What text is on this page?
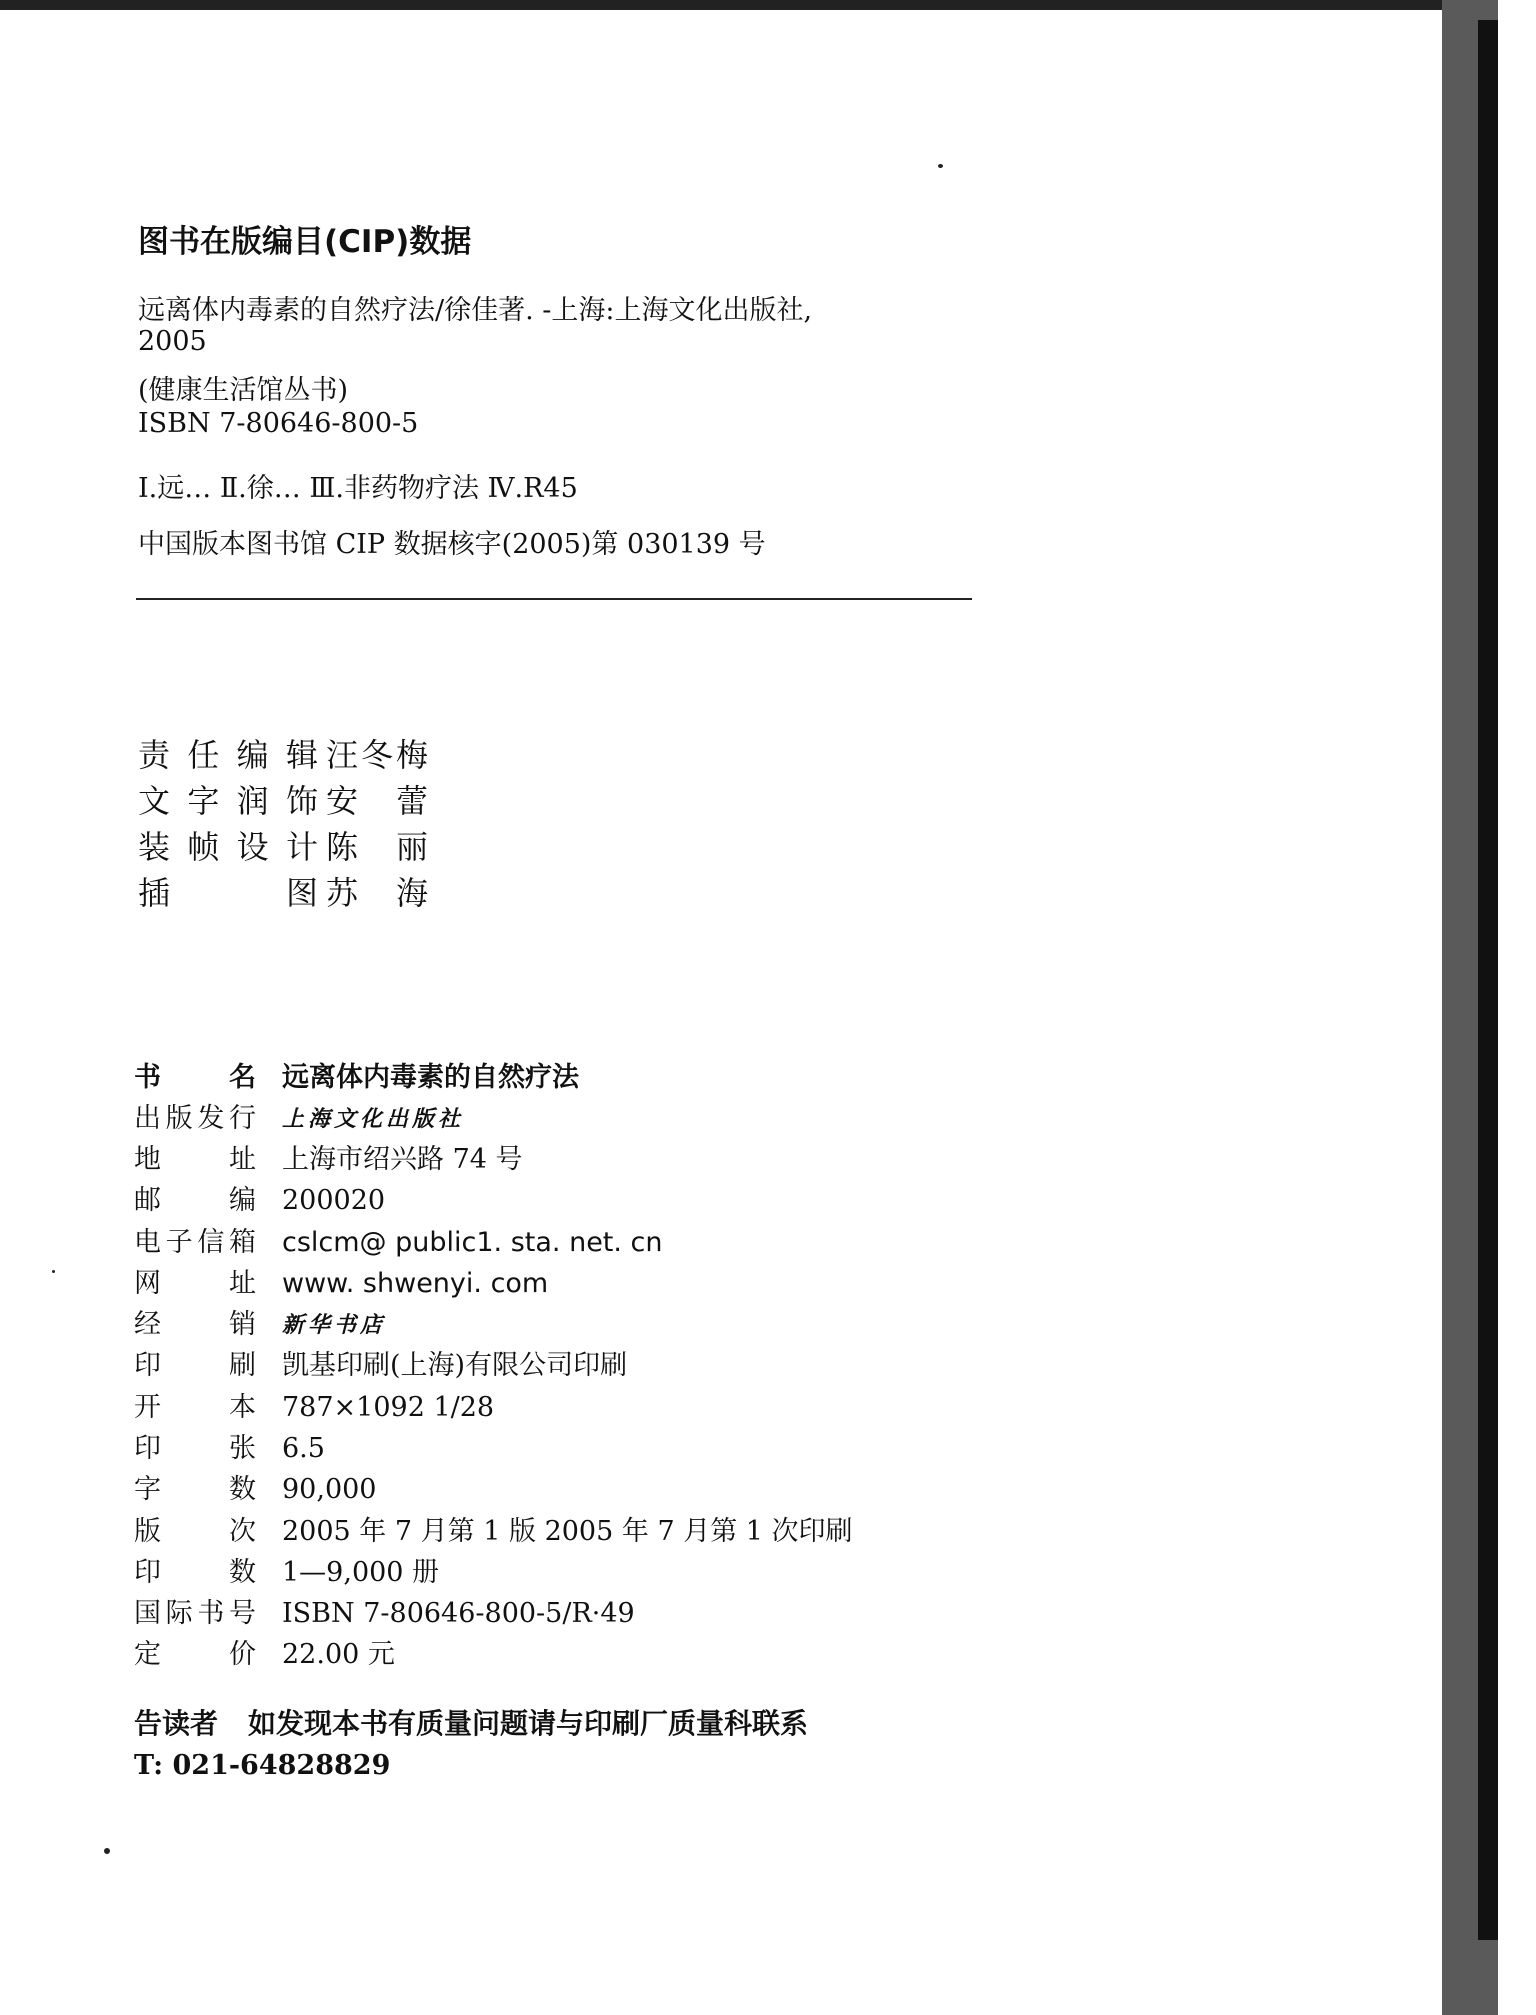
图书在版编目(CIP)数据
远离体内毒素的自然疗法/徐佳著. -上海:上海文化出版社,
2005
(健康生活馆丛书)
ISBN 7-80646-800-5
Ⅰ.远… Ⅱ.徐… Ⅲ.非药物疗法 Ⅳ.R45
中国版本图书馆 CIP 数据核字(2005)第 030139 号
责任编辑 汪冬梅
文字润饰 安蕾
装帧设计 陈丽
插图 苏海
书名 远离体内毒素的自然疗法
出版发行 上海文化出版社
地址 上海市绍兴路 74 号
邮编 200020
电子信箱 cslcm@ public1. sta. net. cn
网址 www. shwenyi. com
经销 新华书店
印刷 凯基印刷(上海)有限公司印刷
开本 787×1092 1/28
印张 6.5
字数 90,000
版次 2005 年 7 月第 1 版 2005 年 7 月第 1 次印刷
印数 1—9,000 册
国际书号 ISBN 7-80646-800-5/R·49
定价 22.00 元
告读者 如发现本书有质量问题请与印刷厂质量科联系
T: 021-64828829
